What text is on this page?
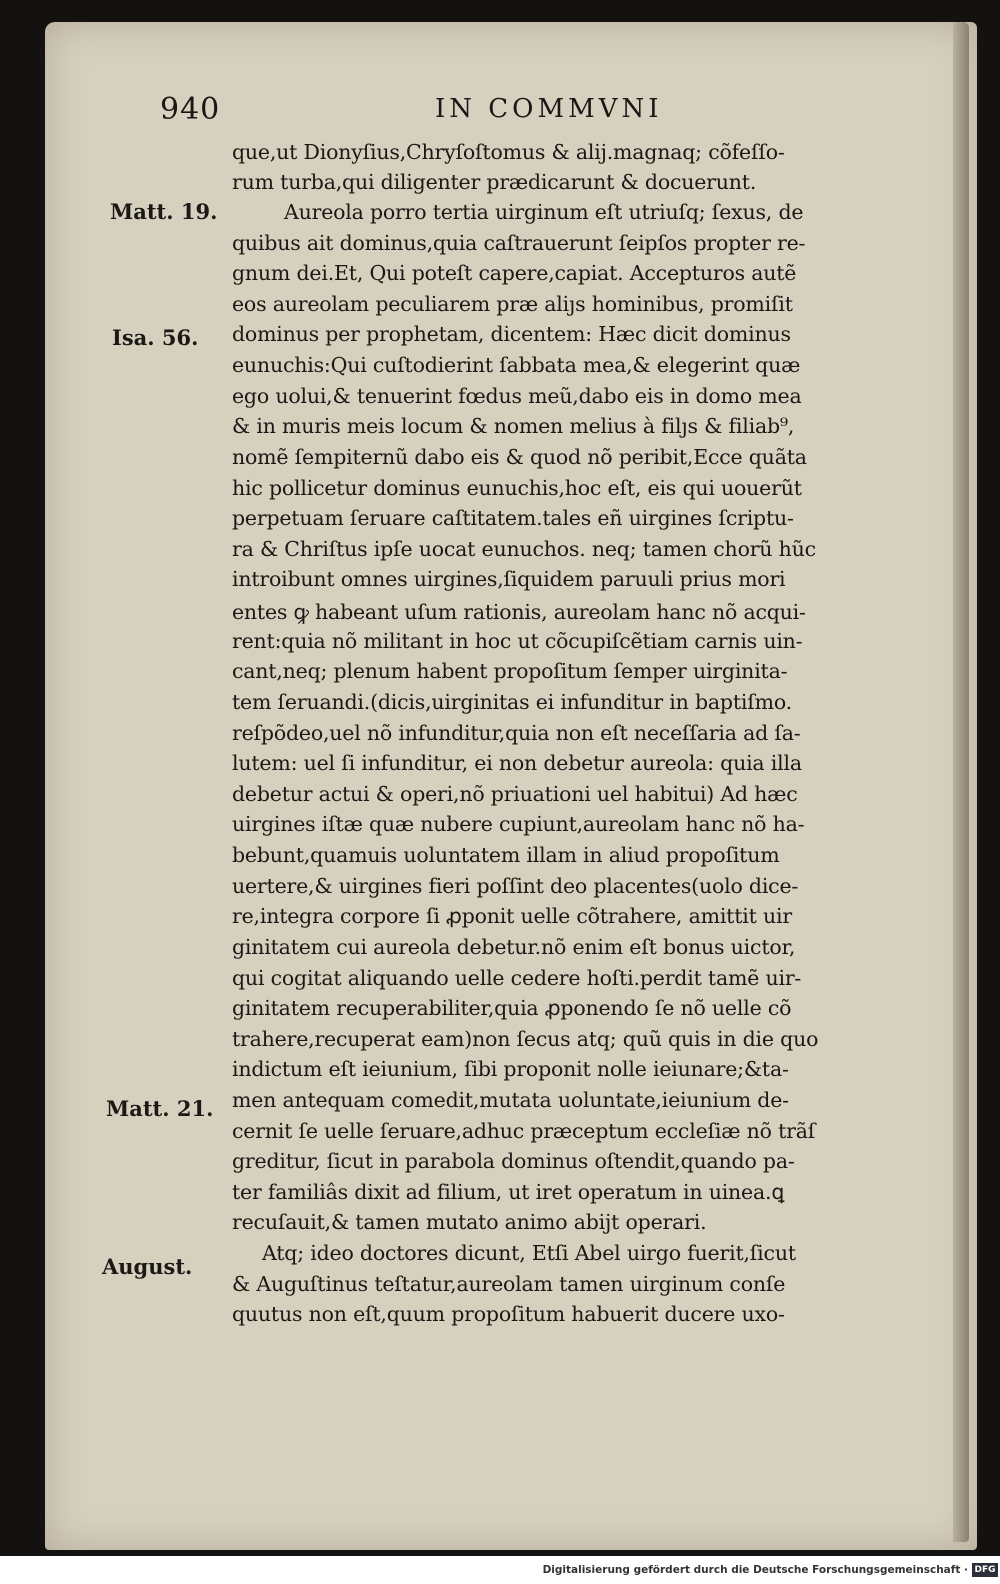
940	IN COMMVNI
Matt. 19.
Isa. 56.
Matt. 21.
August.
que,ut Dionyſius,Chryſoſtomus & alij.magnaq; cõfeſſo-
rum turba,qui diligenter prædicarunt & docuerunt.
Aureola porro tertia uirginum eſt utriuſq; ſexus, de
quibus ait dominus,quia caſtrauerunt ſeipſos propter re-
gnum dei.Et, Qui poteſt capere,capiat. Accepturos autẽ
eos aureolam peculiarem præ aliȷs hominibus, promiſit
dominus per prophetam, dicentem: Hæc dicit dominus
eunuchis:Qui cuſtodierint ſabbata mea,& elegerint quæ
ego uolui,& tenuerint fœdus meũ,dabo eis in domo mea
& in muris meis locum & nomen melius à filȷs & filiab⁹,
nomẽ ſempiternũ dabo eis & quod nõ peribit,Ecce quãta
hic pollicetur dominus eunuchis,hoc eſt, eis qui uouerũt
perpetuam ſeruare caſtitatem.tales eñ uirgines ſcriptu-
ra & Chriſtus ipſe uocat eunuchos. neq; tamen chorũ hũc
introibunt omnes uirgines,ſiquidem paruuli prius mori
entes ꝙ habeant uſum rationis, aureolam hanc nõ acqui-
rent:quia nõ militant in hoc ut cõcupiſcẽtiam carnis uin-
cant,neq; plenum habent propoſitum ſemper uirginita-
tem ſeruandi.(dicis,uirginitas ei infunditur in baptiſmo.
reſpõdeo,uel nõ infunditur,quia non eſt neceſſaria ad ſa-
lutem: uel ſi infunditur, ei non debetur aureola: quia illa
debetur actui & operi,nõ priuationi uel habitui) Ad hæc
uirgines iſtæ quæ nubere cupiunt,aureolam hanc nõ ha-
bebunt,quamuis uoluntatem illam in aliud propoſitum
uertere,& uirgines fieri poſſint deo placentes(uolo dice-
re,integra corpore ſi ꝓponit uelle cõtrahere, amittit uir
ginitatem cui aureola debetur.nõ enim eſt bonus uictor,
qui cogitat aliquando uelle cedere hoſti.perdit tamẽ uir-
ginitatem recuperabiliter,quia ꝓponendo ſe nõ uelle cõ
trahere,recuperat eam)non ſecus atq; quũ quis in die quo
indictum eſt ieiunium, ſibi proponit nolle ieiunare;&ta-
men antequam comedit,mutata uoluntate,ieiunium de-
cernit ſe uelle ſeruare,adhuc præceptum eccleſiæ nõ trãſ
greditur, ſicut in parabola dominus oſtendit,quando pa-
ter familiâs dixit ad filium, ut iret operatum in uinea.ꝗ
recuſauit,& tamen mutato animo abijt operari.
Atq; ideo doctores dicunt, Etſi Abel uirgo fuerit,ſicut
& Auguſtinus teſtatur,aureolam tamen uirginum conſe
quutus non eſt,quum propoſitum habuerit ducere uxo-
Digitalisierung gefördert durch die Deutsche Forschungsgemeinschaft · DFG
